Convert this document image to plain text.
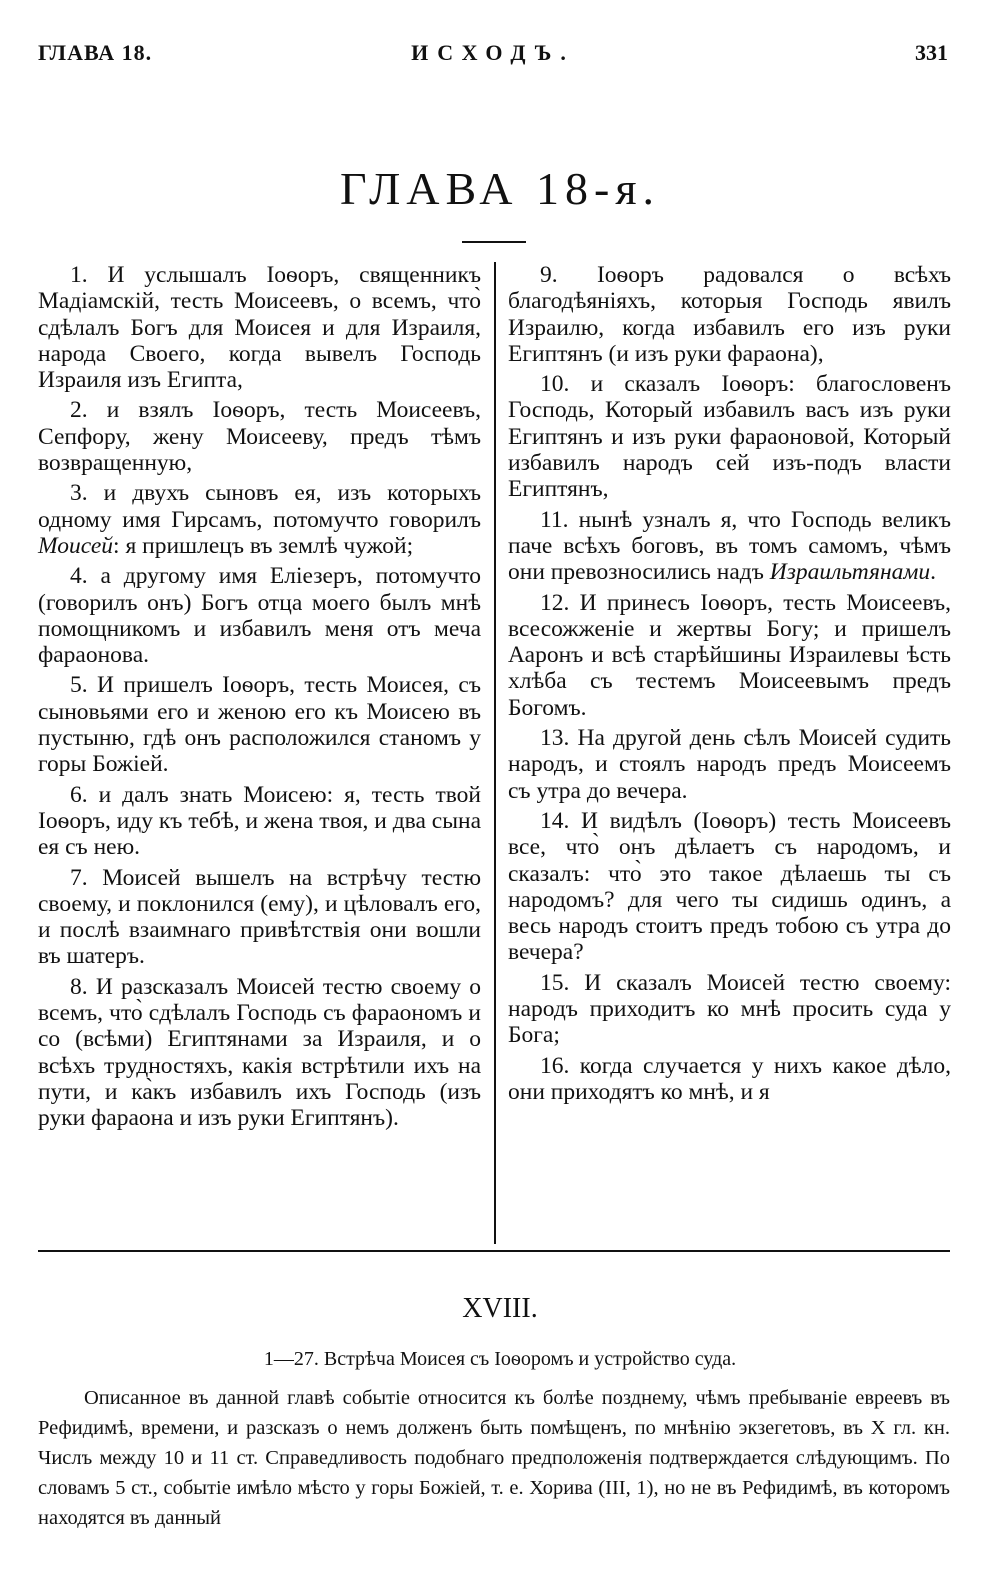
ГЛАВА 18.	ИСХОДЪ.	331
ГЛАВА 18-я.

1. И услышалъ Іоѳоръ, священникъ Мадіамскій, тесть Моисеевъ, о всемъ, что̀ сдѣлалъ Богъ для Моисея и для Израиля, народа Своего, когда вывелъ Господь Израиля изъ Египта,

2. и взялъ Іоѳоръ, тесть Моисеевъ, Сепфору, жену Моисееву, предъ тѣмъ возвращенную,

3. и двухъ сыновъ ея, изъ которыхъ одному имя Гирсамъ, потомучто говорилъ Моисей: я пришлецъ въ землѣ чужой;

4. а другому имя Еліезеръ, потомучто (говорилъ онъ) Богъ отца моего былъ мнѣ помощникомъ и избавилъ меня отъ меча фараонова.

5. И пришелъ Іоѳоръ, тесть Моисея, съ сыновьями его и женою его къ Моисею въ пустыню, гдѣ онъ расположился станомъ у горы Божіей.

6. и далъ знать Моисею: я, тесть твой Іоѳоръ, иду къ тебѣ, и жена твоя, и два сына ея съ нею.

7. Моисей вышелъ на встрѣчу тестю своему, и поклонился (ему), и цѣловалъ его, и послѣ взаимнаго привѣтствія они вошли въ шатеръ.

8. И разсказалъ Моисей тестю своему о всемъ, что̀ сдѣлалъ Господь съ фараономъ и со (всѣми) Египтянами за Израиля, и о всѣхъ трудностяхъ, какія встрѣтили ихъ на пути, и ка̀къ избавилъ ихъ Господь (изъ руки фараона и изъ руки Египтянъ).

9. Іоѳоръ радовался о всѣхъ благодѣяніяхъ, которыя Господь явилъ Израилю, когда избавилъ его изъ руки Египтянъ (и изъ руки фараона),

10. и сказалъ Іоѳоръ: благословенъ Господь, Который избавилъ васъ изъ руки Египтянъ и изъ руки фараоновой, Который избавилъ народъ сей изъ-подъ власти Египтянъ,

11. нынѣ узналъ я, что Господь великъ паче всѣхъ боговъ, въ томъ самомъ, чѣмъ они превозносились надъ Израильтянами.

12. И принесъ Іоѳоръ, тесть Моисеевъ, всесожженіе и жертвы Богу; и пришелъ Ааронъ и всѣ старѣйшины Израилевы ѣсть хлѣба съ тестемъ Моисеевымъ предъ Богомъ.

13. На другой день сѣлъ Моисей судить народъ, и стоялъ народъ предъ Моисеемъ съ утра до вечера.

14. И видѣлъ (Іоѳоръ) тесть Моисеевъ все, что̀ онъ дѣлаетъ съ народомъ, и сказалъ: что̀ это такое дѣлаешь ты съ народомъ? для чего ты сидишь одинъ, а весь народъ стоитъ предъ тобою съ утра до вечера?

15. И сказалъ Моисей тестю своему: народъ приходитъ ко мнѣ просить суда у Бога;

16. когда случается у нихъ какое дѣло, они приходятъ ко мнѣ, и я

XVIII.
1—27. Встрѣча Моисея съ Іоѳоромъ и устройство суда.
Описанное въ данной главѣ событіе относится къ болѣе позднему, чѣмъ пребываніе евреевъ въ Рефидимѣ, времени, и разсказъ о немъ долженъ быть помѣщенъ, по мнѣнію экзегетовъ, въ X гл. кн. Числъ между 10 и 11 ст. Справедливость подобнаго предположенія подтверждается слѣдующимъ. По словамъ 5 ст., событіе имѣло мѣсто у горы Божіей, т. е. Хорива (III, 1), но не въ Рефидимѣ, въ которомъ находятся въ данный
